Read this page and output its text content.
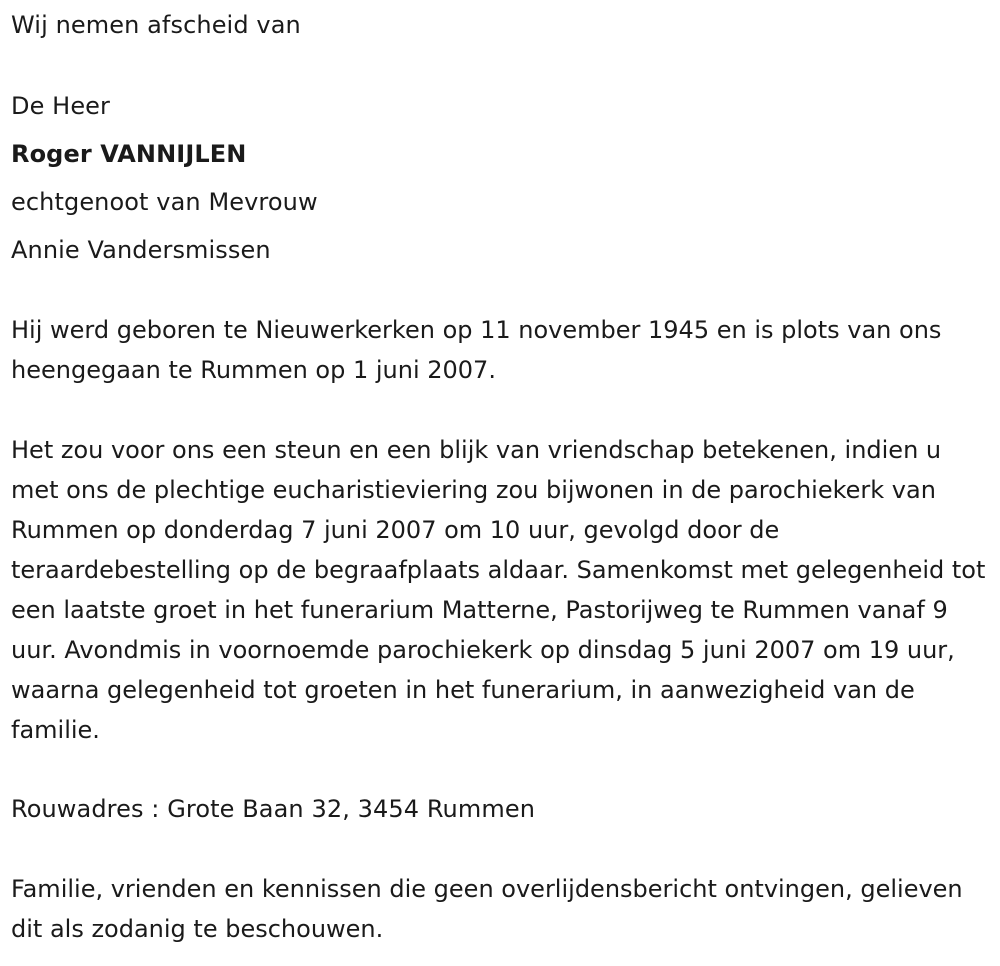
Wij nemen afscheid van
De Heer
Roger VANNIJLEN
echtgenoot van Mevrouw
Annie Vandersmissen

Hij werd geboren te Nieuwerkerken op 11 november 1945 en is plots van ons heengegaan te Rummen op 1 juni 2007.

Het zou voor ons een steun en een blijk van vriendschap betekenen, indien u met ons de plechtige eucharistieviering zou bijwonen in de parochiekerk van Rummen op donderdag 7 juni 2007 om 10 uur, gevolgd door de teraardebestelling op de begraafplaats aldaar. Samenkomst met gelegenheid tot een laatste groet in het funerarium Matterne, Pastorijweg te Rummen vanaf 9 uur. Avondmis in voornoemde parochiekerk op dinsdag 5 juni 2007 om 19 uur, waarna gelegenheid tot groeten in het funerarium, in aanwezigheid van de familie.

Rouwadres : Grote Baan 32, 3454 Rummen

Familie, vrienden en kennissen die geen overlijdensbericht ontvingen, gelieven dit als zodanig te beschouwen.
